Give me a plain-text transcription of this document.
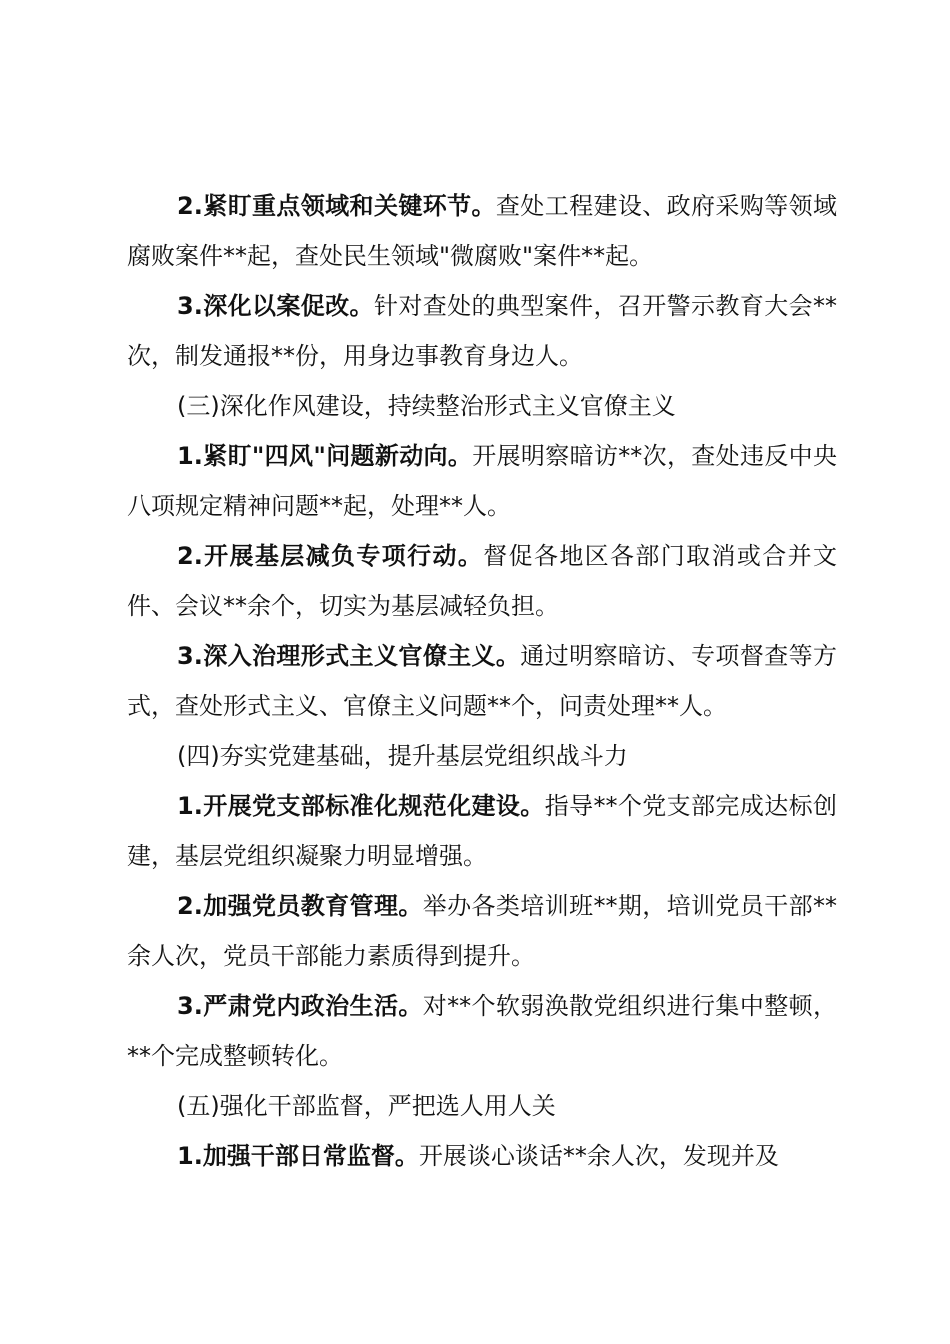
2.紧盯重点领域和关键环节。查处工程建设、政府采购等领域腐败案件**起，查处民生领域"微腐败"案件**起。

3.深化以案促改。针对查处的典型案件，召开警示教育大会**次，制发通报**份，用身边事教育身边人。

(三)深化作风建设，持续整治形式主义官僚主义

1.紧盯"四风"问题新动向。开展明察暗访**次，查处违反中央八项规定精神问题**起，处理**人。

2.开展基层减负专项行动。督促各地区各部门取消或合并文件、会议**余个，切实为基层减轻负担。

3.深入治理形式主义官僚主义。通过明察暗访、专项督查等方式，查处形式主义、官僚主义问题**个，问责处理**人。

(四)夯实党建基础，提升基层党组织战斗力

1.开展党支部标准化规范化建设。指导**个党支部完成达标创建，基层党组织凝聚力明显增强。

2.加强党员教育管理。举办各类培训班**期，培训党员干部**余人次，党员干部能力素质得到提升。

3.严肃党内政治生活。对**个软弱涣散党组织进行集中整顿，**个完成整顿转化。

(五)强化干部监督，严把选人用人关

1.加强干部日常监督。开展谈心谈话**余人次，发现并及
